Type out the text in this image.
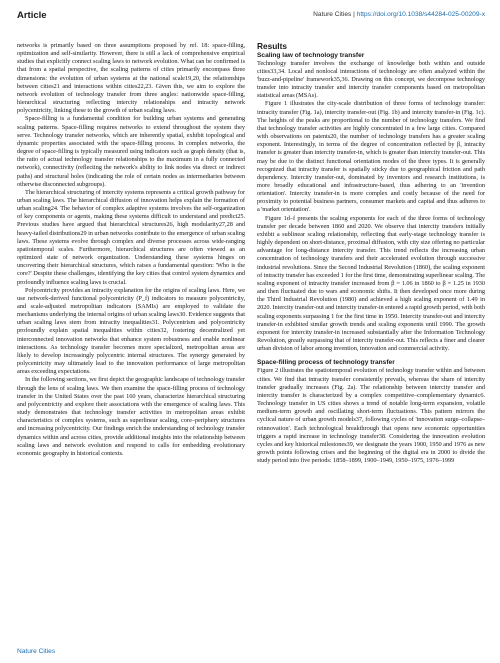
Article	Nature Cities | https://doi.org/10.1038/s44284-025-00209-x

networks is primarily based on three assumptions proposed by ref. 18: space-filling, optimization and self-similarity. However, there is still a lack of comprehensive empirical studies that explicitly connect scaling laws to network evolution. What can be confirmed is that from a spatial perspective, the scaling patterns of cities primarily encompass three dimensions: the evolution of urban systems at the national scale19,20, the relationships between cities21 and interactions within cities22,23. Given this, we aim to explore the network evolution of technology transfer from three angles: nationwide space-filling, hierarchical structuring reflecting intercity relationships and intracity network polycentricity, linking these to the growth of urban scaling laws.

Space-filling is a fundamental condition for building urban systems and generating scaling patterns. Space-filling requires networks to extend throughout the system they serve. Technology transfer networks, which are inherently spatial, exhibit topological and dynamic properties associated with the space-filling process. In complex networks, the degree of space-filling is typically measured using indicators such as graph density (that is, the ratio of actual technology transfer relationships to the maximum in a fully connected network), connectivity (reflecting the network's ability to link nodes via direct or indirect paths) and structural holes (indicating the role of certain nodes as intermediaries between otherwise disconnected subgroups).

The hierarchical structuring of intercity systems represents a critical growth pathway for urban scaling laws. The hierarchical diffusion of innovation helps explain the formation of urban scaling24. The behavior of complex adaptive systems involves the self-organization of key components or agents, making these systems difficult to understand and predict25. Previous studies have argued that hierarchical structures26, high modularity27,28 and heavy-tailed distributions29 in urban networks contribute to the emergence of urban scaling laws. These systems evolve through complex and diverse processes across wide-ranging spatiotemporal scales. Furthermore, hierarchical structures are often viewed as an optimized state of network organization. Understanding these systems hinges on uncovering their hierarchical structures, which raises a fundamental question: 'Who is the core?' Despite these challenges, identifying the key cities that control system dynamics and profoundly influence scaling laws is crucial.

Polycentricity provides an intracity explanation for the origins of scaling laws. Here, we use network-derived functional polycentricity (P_f) indicators to measure polycentricity, and scale-adjusted metropolitan indicators (SAMIs) are employed to validate the mechanisms underlying the internal origins of urban scaling laws30. Evidence suggests that urban scaling laws stem from intracity inequalities31. Polycentrism and polycentricity profoundly explain spatial inequalities within cities32, fostering decentralized yet interconnected innovation networks that enhance system robustness and enable nonlinear interactions. As technology transfer becomes more specialized, metropolitan areas are likely to develop increasingly polycentric internal structures. The synergy generated by polycentricity may ultimately lead to the innovation performance of large metropolitan areas exceeding expectations.

In the following sections, we first depict the geographic landscape of technology transfer through the lens of scaling laws. We then examine the space-filling process of technology transfer in the United States over the past 160 years, characterize hierarchical structuring and polycentricity and explore their associations with the emergence of scaling laws. This study demonstrates that technology transfer activities in metropolitan areas exhibit characteristics of complex systems, such as superlinear scaling, core–periphery structures and increasing polycentricity. Our findings enrich the understanding of technology transfer dynamics within and across cities, provide additional insights into the relationship between scaling laws and network evolution and respond to calls for embedding evolutionary economic geography in historical contexts.

Results
Scaling law of technology transfer

Technology transfer involves the exchange of knowledge both within and outside cities33,34. Local and nonlocal interactions of technology are often analyzed within the 'buzz-and-pipeline' framework35,36. Drawing on this concept, we decompose technology transfer into intracity transfer and intercity transfer components based on metropolitan statistical areas (MSAs).

Figure 1 illustrates the city-scale distribution of three forms of technology transfer: intracity transfer (Fig. 1a), intercity transfer-out (Fig. 1b) and intercity transfer-in (Fig. 1c). The heights of the peaks are proportional to the number of technology transfers. We find that technology transfer activities are highly concentrated in a few large cities. Compared with observations on patents20, the number of technology transfers has a greater scaling exponent. Interestingly, in terms of the degree of concentration reflected by β, intracity transfer is greater than intercity transfer-in, which is greater than intercity transfer-out. This may be due to the distinct functional orientation modes of the three types. It is generally recognized that intracity transfer is spatially sticky due to geographical friction and path dependency. Intercity transfer-out, dominated by inventors and research institutions, is more broadly educational and infrastructure-based, thus adhering to an 'invention orientation'. Intercity transfer-in is more complex and costly because of the need for proximity to potential business partners, consumer markets and capital and thus adheres to a 'market orientation'.

Figure 1d–f presents the scaling exponents for each of the three forms of technology transfer per decade between 1860 and 2020. We observe that intercity transfers initially exhibit a sublinear scaling relationship, reflecting that early-stage technology transfer is highly dependent on short-distance, proximal diffusion, with city size offering no particular advantage for long-distance intercity transfer. This trend reflects the increasing urban concentration of technology transfers and their accelerated evolution through successive industrial revolutions. Since the Second Industrial Revolution (1860), the scaling exponent of intracity transfer has exceeded 1 for the first time, demonstrating superlinear scaling. The scaling exponent of intracity transfer increased from β = 1.06 in 1860 to β = 1.25 in 1930 and then fluctuated due to wars and economic shifts. It then developed once more during the Third Industrial Revolution (1980) and achieved a high scaling exponent of 1.49 in 2020. Intercity transfer-out and intercity transfer-in entered a rapid growth period, with both scaling exponents surpassing 1 for the first time in 1950. Intercity transfer-out and intercity transfer-in exhibited similar growth trends and scaling exponents until 1990. The growth exponent for intercity transfer-in increased substantially after the Information Technology Revolution, greatly surpassing that of intercity transfer-out. This reflects a finer and clearer urban division of labor among invention, innovation and commercial activity.

Space-filling process of technology transfer

Figure 2 illustrates the spatiotemporal evolution of technology transfer within and between cities. We find that intracity transfer consistently prevails, whereas the share of intercity transfer gradually increases (Fig. 2a). The relationship between intercity transfer and intercity transfer is characterized by a complex competitive–complementary dynamic6. Technology transfer in US cities shows a trend of notable long-term expansion, volatile medium-term growth and oscillating short-term fluctuations. This pattern mirrors the cyclical nature of urban growth models37, following cycles of 'innovation surge–collapse–reinnovation'. Each technological breakthrough that opens new economic opportunities triggers a rapid increase in technology transfer38. Considering the innovation evolution cycles and key historical milestones39, we designate the years 1900, 1950 and 1976 as new growth points following crises and the beginning of the digital era in 2000 to divide the study period into five periods: 1858–1899, 1900–1949, 1950–1975, 1976–1999

Nature Cities
